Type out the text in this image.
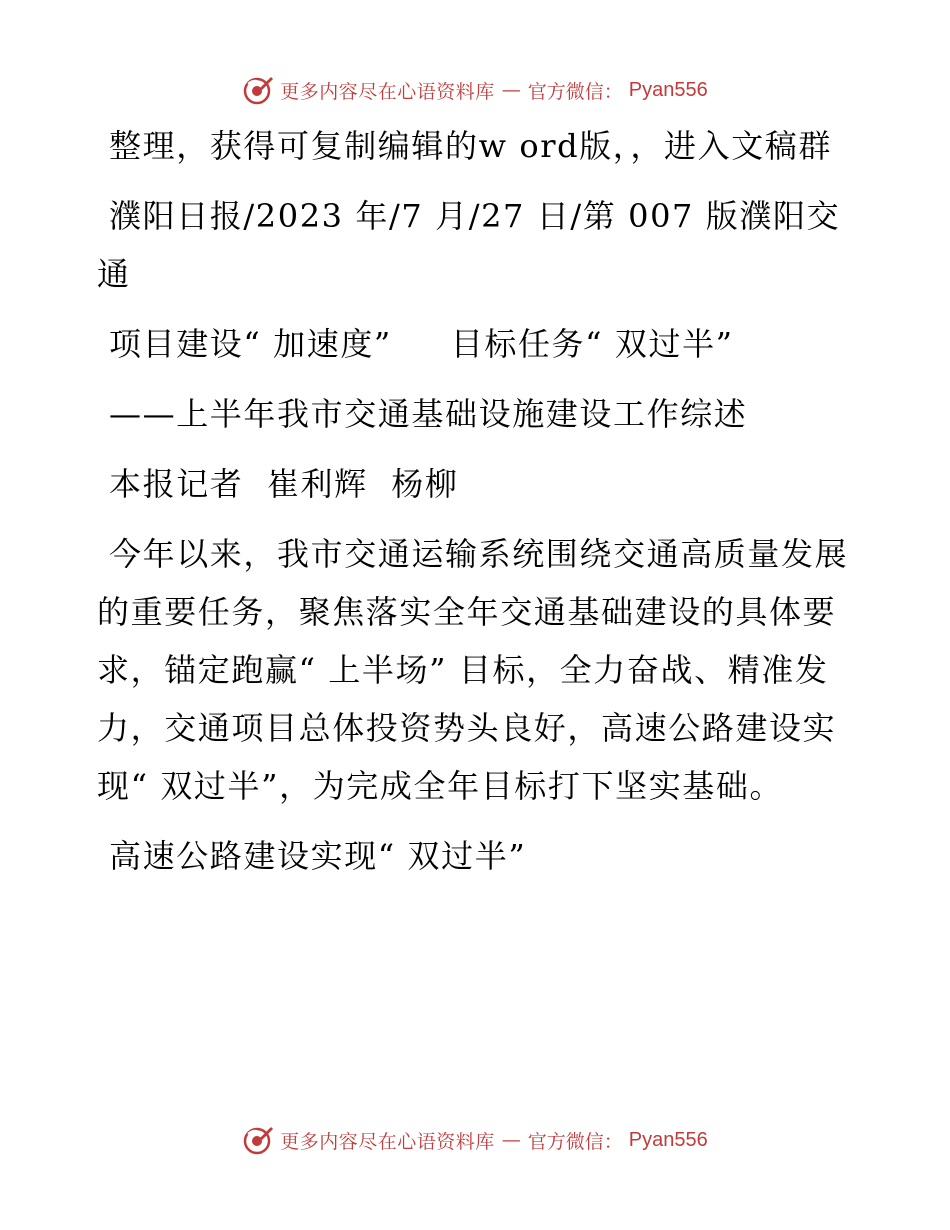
更多内容尽在心语资料库 — 官方微信： Pyan556

整理，获得可复制编辑的w ord版，，进入文稿群

濮阳日报/2023 年/7 月/27 日/第 007 版濮阳交通

项目建设“ 加速度”     目标任务“ 双过半”

——上半年我市交通基础设施建设工作综述

本报记者  崔利辉  杨柳

今年以来，我市交通运输系统围绕交通高质量发展的重要任务，聚焦落实全年交通基础建设的具体要求，锚定跑赢“ 上半场” 目标，全力奋战、精准发力，交通项目总体投资势头良好，高速公路建设实现“ 双过半”，为完成全年目标打下坚实基础。

高速公路建设实现“ 双过半”

更多内容尽在心语资料库 — 官方微信： Pyan556
